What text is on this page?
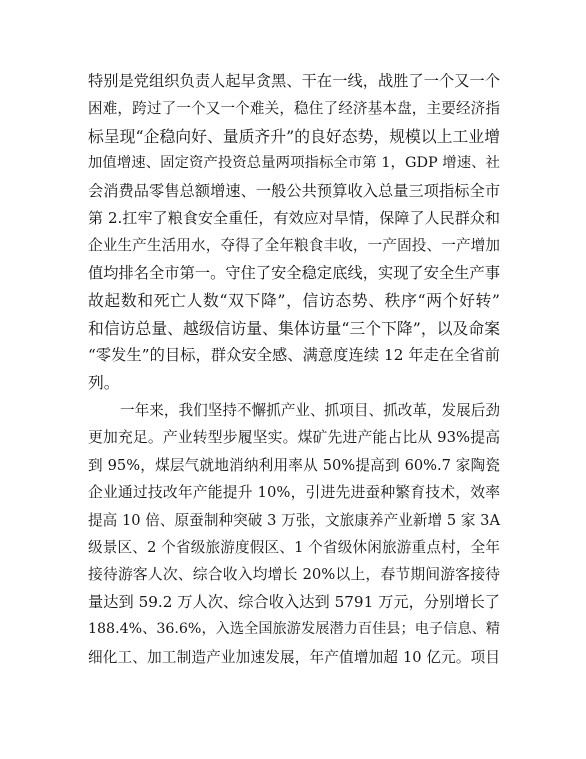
特别是党组织负责人起早贪黑、干在一线，战胜了一个又一个
困难，跨过了一个又一个难关，稳住了经济基本盘，主要经济指
标呈现“企稳向好、量质齐升”的良好态势，规模以上工业增
加值增速、固定资产投资总量两项指标全市第 1，GDP 增速、社
会消费品零售总额增速、一般公共预算收入总量三项指标全市
第 2.扛牢了粮食安全重任，有效应对旱情，保障了人民群众和
企业生产生活用水，夺得了全年粮食丰收，一产固投、一产增加
值均排名全市第一。守住了安全稳定底线，实现了安全生产事
故起数和死亡人数“双下降”，信访态势、秩序“两个好转”
和信访总量、越级信访量、集体访量“三个下降”，以及命案
“零发生”的目标，群众安全感、满意度连续 12 年走在全省前
列。
一年来，我们坚持不懈抓产业、抓项目、抓改革，发展后劲
更加充足。产业转型步履坚实。煤矿先进产能占比从 93%提高
到 95%，煤层气就地消纳利用率从 50%提高到 60%.7 家陶瓷
企业通过技改年产能提升 10%，引进先进蚕种繁育技术，效率
提高 10 倍、原蚕制种突破 3 万张，文旅康养产业新增 5 家 3A
级景区、2 个省级旅游度假区、1 个省级休闲旅游重点村，全年
接待游客人次、综合收入均增长 20%以上，春节期间游客接待
量达到 59.2 万人次、综合收入达到 5791 万元，分别增长了
188.4%、36.6%，入选全国旅游发展潜力百佳县；电子信息、精
细化工、加工制造产业加速发展，年产值增加超 10 亿元。项目
